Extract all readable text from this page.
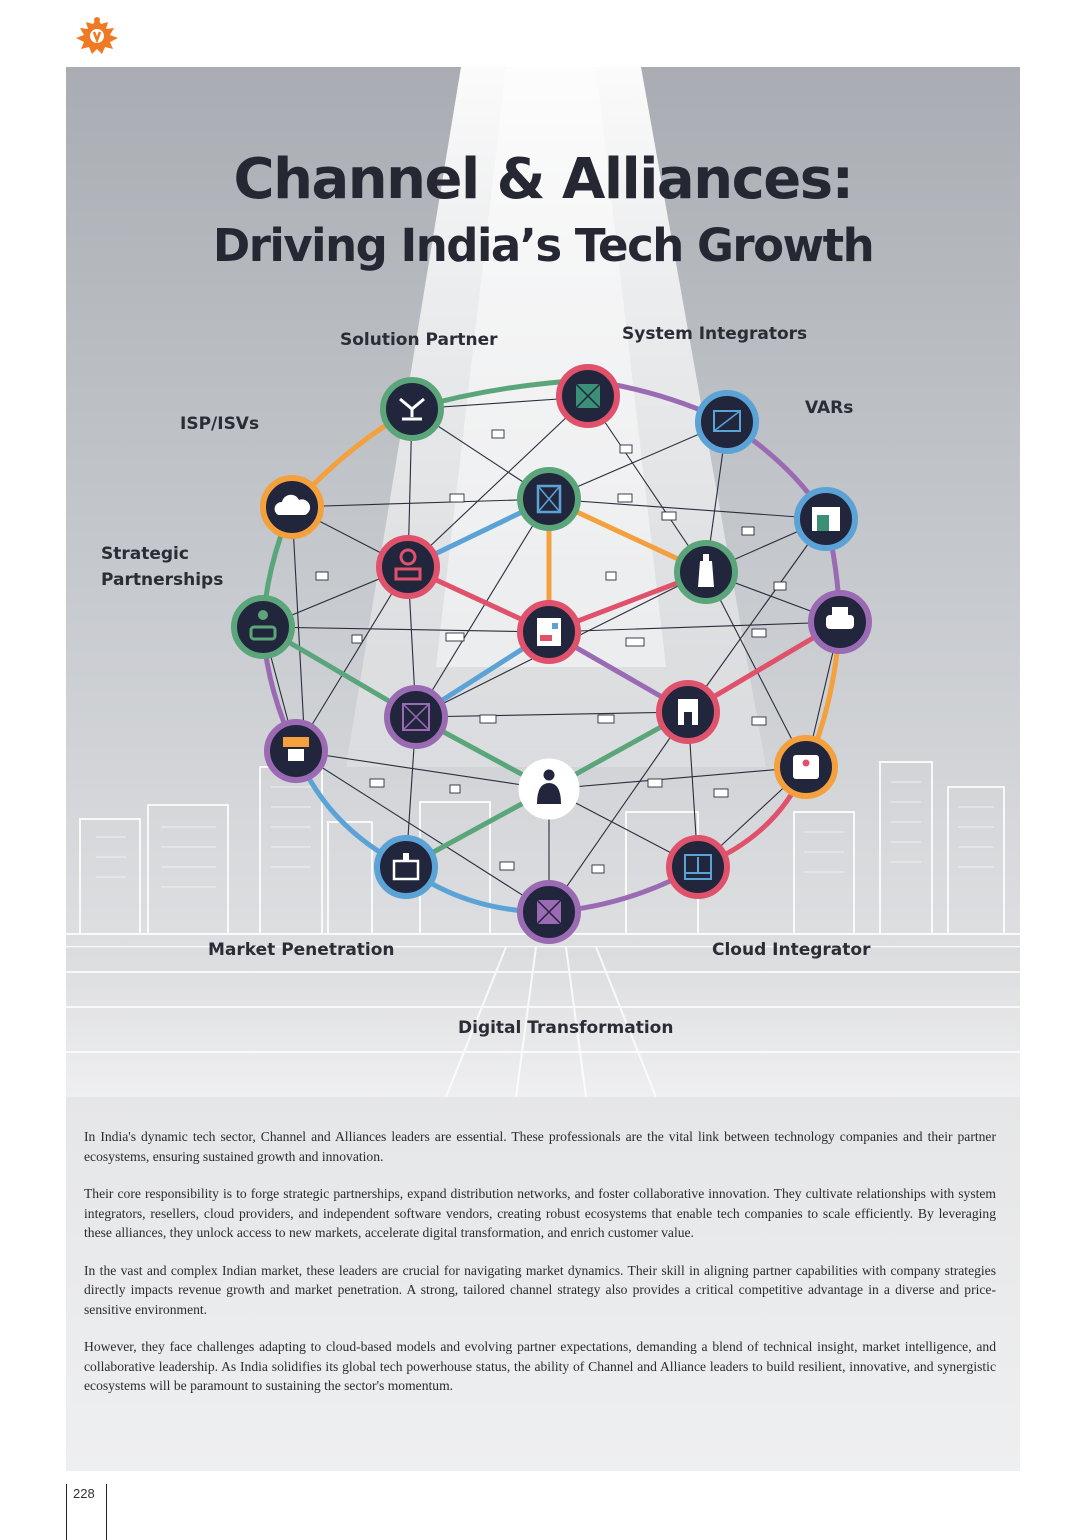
Channel & Alliances:
Driving India’s Tech Growth
Solution Partner	System Integrators
VARs
ISP/ISVs
Strategic
Partnerships
Market Penetration	Cloud Integrator
Digital Transformation

In India's dynamic tech sector, Channel and Alliances leaders are essential. These professionals are the vital link between technology companies and their partner ecosystems, ensuring sustained growth and innovation.

Their core responsibility is to forge strategic partnerships, expand distribution networks, and foster collaborative innovation. They cultivate relationships with system integrators, resellers, cloud providers, and independent software vendors, creating robust ecosystems that enable tech companies to scale efficiently. By leveraging these alliances, they unlock access to new markets, accelerate digital transformation, and enrich customer value.

In the vast and complex Indian market, these leaders are crucial for navigating market dynamics. Their skill in aligning partner capabilities with company strategies directly impacts revenue growth and market penetration. A strong, tailored channel strategy also provides a critical competitive advantage in a diverse and price-sensitive environment.

However, they face challenges adapting to cloud-based models and evolving partner expectations, demanding a blend of technical insight, market intelligence, and collaborative leadership. As India solidifies its global tech powerhouse status, the ability of Channel and Alliance leaders to build resilient, innovative, and synergistic ecosystems will be paramount to sustaining the sector's momentum.

228
